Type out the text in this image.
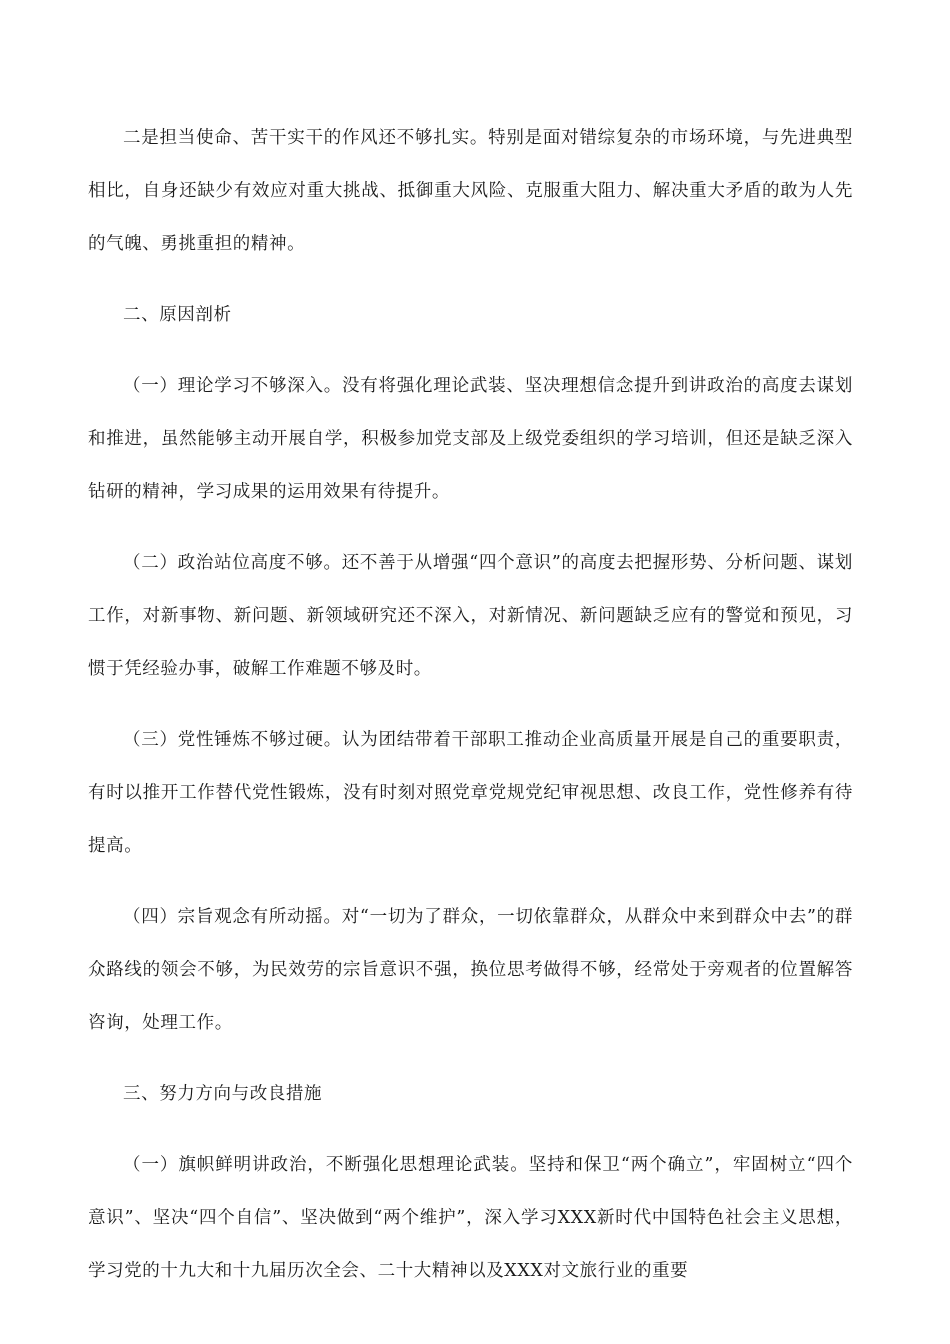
二是担当使命、苦干实干的作风还不够扎实。特别是面对错综复杂的市场环境，与先进典型相比，自身还缺少有效应对重大挑战、抵御重大风险、克服重大阻力、解决重大矛盾的敢为人先的气魄、勇挑重担的精神。

二、原因剖析

（一）理论学习不够深入。没有将强化理论武装、坚决理想信念提升到讲政治的高度去谋划和推进，虽然能够主动开展自学，积极参加党支部及上级党委组织的学习培训，但还是缺乏深入钻研的精神，学习成果的运用效果有待提升。

（二）政治站位高度不够。还不善于从增强“四个意识”的高度去把握形势、分析问题、谋划工作，对新事物、新问题、新领域研究还不深入，对新情况、新问题缺乏应有的警觉和预见，习惯于凭经验办事，破解工作难题不够及时。

（三）党性锤炼不够过硬。认为团结带着干部职工推动企业高质量开展是自己的重要职责，有时以推开工作替代党性锻炼，没有时刻对照党章党规党纪审视思想、改良工作，党性修养有待提高。

（四）宗旨观念有所动摇。对“一切为了群众，一切依靠群众，从群众中来到群众中去”的群众路线的领会不够，为民效劳的宗旨意识不强，换位思考做得不够，经常处于旁观者的位置解答咨询，处理工作。

三、努力方向与改良措施

（一）旗帜鲜明讲政治，不断强化思想理论武装。坚持和保卫“两个确立”，牢固树立“四个意识”、坚决“四个自信”、坚决做到“两个维护”，深入学习XXX新时代中国特色社会主义思想，学习党的十九大和十九届历次全会、二十大精神以及XXX对文旅行业的重要
